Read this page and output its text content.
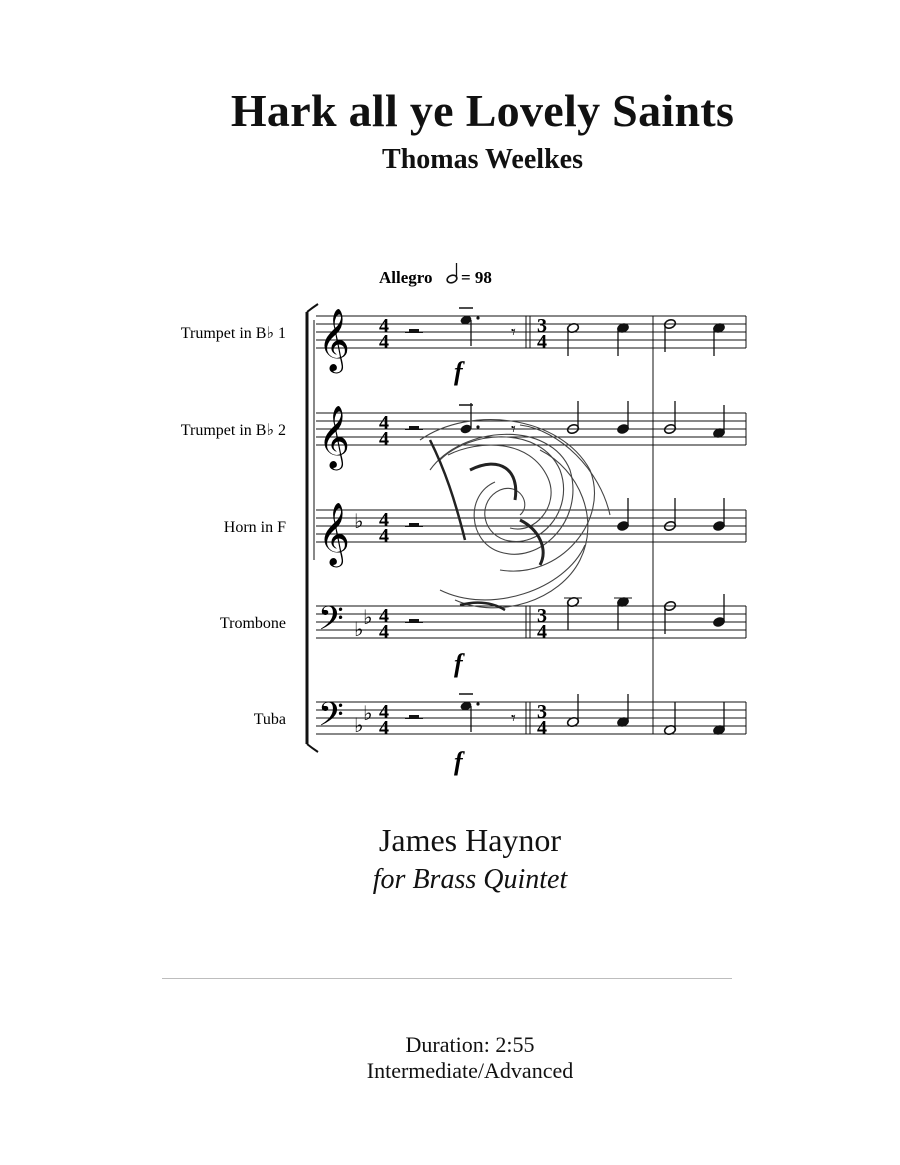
Hark all ye Lovely Saints
Thomas Weelkes
Allegro = 98
Trumpet in B♭ 1 𝄞 4
4	𝄾 3
4
Trumpet in B♭ 2 𝄞 4
4	𝄾
Horn in F 𝄞 ♭ 4
4
Trombone 𝄢 ♭
♭ 4
4
3
4
Tuba 𝄢 ♭
♭ 4
4	𝄾 3
4
f
f
f
James Haynor
for Brass Quintet
Duration: 2:55
Intermediate/Advanced
